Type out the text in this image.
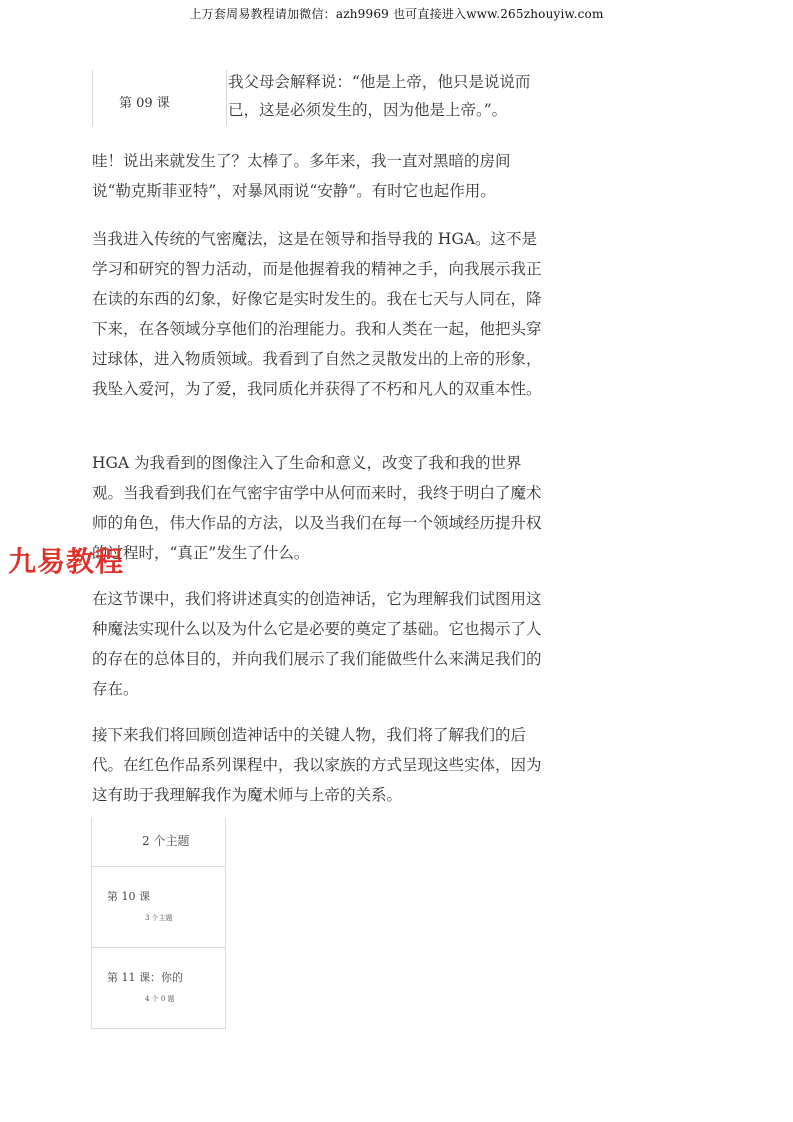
上万套周易教程请加微信：azh9969 也可直接进入www.265zhouyiw.com
第 09 课
我父母会解释说：“他是上帝，他只是说说而已，这是必须发生的，因为他是上帝。”。
哇！说出来就发生了？太棒了。多年来，我一直对黑暗的房间说“勒克斯菲亚特”，对暴风雨说“安静”。有时它也起作用。
当我进入传统的气密魔法，这是在领导和指导我的 HGA。这不是学习和研究的智力活动，而是他握着我的精神之手，向我展示我正在读的东西的幻象，好像它是实时发生的。我在七天与人同在，降下来，在各领域分享他们的治理能力。我和人类在一起，他把头穿过球体，进入物质领域。我看到了自然之灵散发出的上帝的形象，我坠入爱河，为了爱，我同质化并获得了不朽和凡人的双重本性。
HGA 为我看到的图像注入了生命和意义，改变了我和我的世界观。当我看到我们在气密宇宙学中从何而来时，我终于明白了魔术师的角色，伟大作品的方法，以及当我们在每一个领域经历提升权的过程时，“真正”发生了什么。
在这节课中，我们将讲述真实的创造神话，它为理解我们试图用这种魔法实现什么以及为什么它是必要的奠定了基础。它也揭示了人的存在的总体目的，并向我们展示了我们能做些什么来满足我们的存在。
接下来我们将回顾创造神话中的关键人物，我们将了解我们的后代。在红色作品系列课程中，我以家族的方式呈现这些实体，因为这有助于我理解我作为魔术师与上帝的关系。
九易教程
2 个主题
第 10 课
3 个主题
第 11 课：你的
4 个 0 题
